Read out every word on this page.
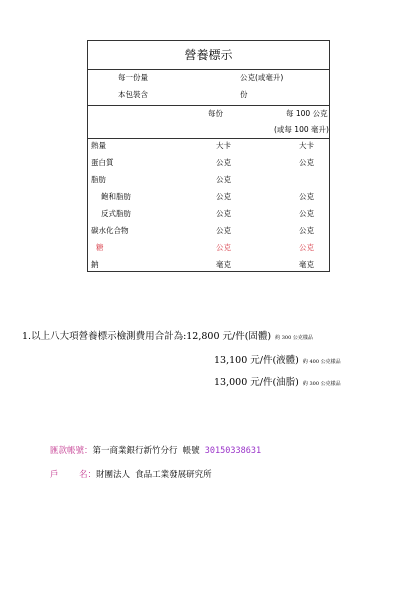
營養標示
每一份量	公克(或毫升)
本包裝含	份
每份	每 100 公克
(或每 100 毫升)
熱量	大卡	大卡
蛋白質	公克	公克
脂肪	公克
飽和脂肪	公克	公克
反式脂肪	公克	公克
碳水化合物	公克	公克
糖	公克	公克
鈉	毫克	毫克
1.以上八大項營養標示檢測費用合計為:12,800 元/件(固體) 約 300 公克樣品
13,100 元/件(液體) 約 400 公克樣品
13,000 元/件(油脂) 約 300 公克樣品
匯款帳號：第一商業銀行新竹分行 帳號 30150338631
戶    名：財團法人 食品工業發展研究所
